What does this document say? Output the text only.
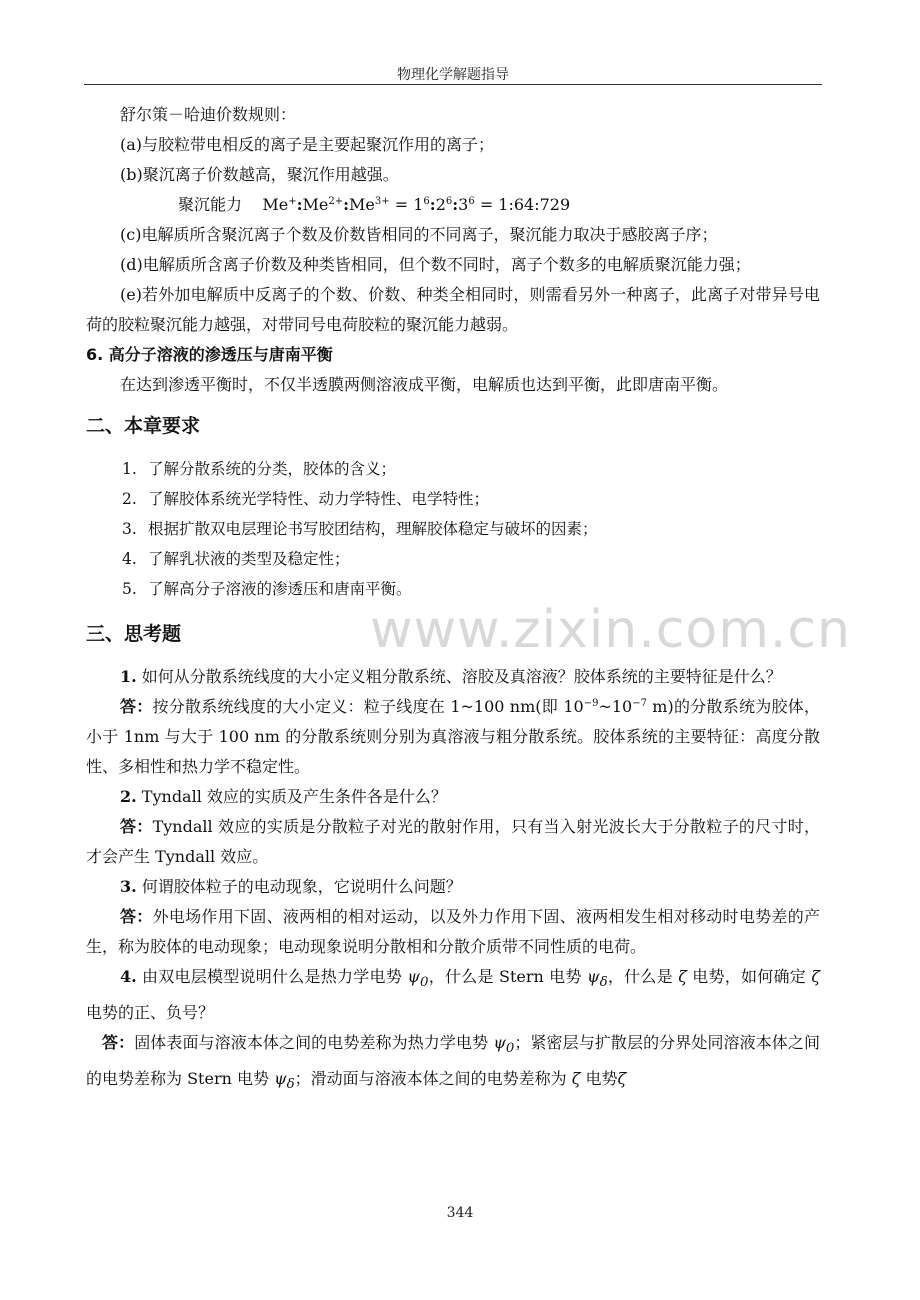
物理化学解题指导
www.zixin.com.cn

舒尔策－哈迪价数规则：

(a)与胶粒带电相反的离子是主要起聚沉作用的离子；

(b)聚沉离子价数越高，聚沉作用越强。

聚沉能力 $Me^+:Me^{2+}:Me^{3+}$ = $1^6:2^6:3^6$ = 1:64:729

(c)电解质所含聚沉离子个数及价数皆相同的不同离子，聚沉能力取决于感胶离子序；

(d)电解质所含离子价数及种类皆相同，但个数不同时，离子个数多的电解质聚沉能力强；

(e)若外加电解质中反离子的个数、价数、种类全相同时，则需看另外一种离子，此离子对带异号电荷的胶粒聚沉能力越强，对带同号电荷胶粒的聚沉能力越弱。

6. 高分子溶液的渗透压与唐南平衡

在达到渗透平衡时，不仅半透膜两侧溶液成平衡，电解质也达到平衡，此即唐南平衡。

二、本章要求
1. 了解分散系统的分类，胶体的含义；
2. 了解胶体系统光学特性、动力学特性、电学特性；
3. 根据扩散双电层理论书写胶团结构，理解胶体稳定与破坏的因素；
4. 了解乳状液的类型及稳定性；
5. 了解高分子溶液的渗透压和唐南平衡。
三、思考题

1. 如何从分散系统线度的大小定义粗分散系统、溶胶及真溶液？胶体系统的主要特征是什么？

答：按分散系统线度的大小定义：粒子线度在 1~100 nm(即 $10^{-9}\sim 10^{-7}$ m)的分散系统为胶体，小于 1nm 与大于 100 nm 的分散系统则分别为真溶液与粗分散系统。胶体系统的主要特征：高度分散性、多相性和热力学不稳定性。

2. Tyndall 效应的实质及产生条件各是什么？

答：Tyndall 效应的实质是分散粒子对光的散射作用，只有当入射光波长大于分散粒子的尺寸时，才会产生 Tyndall 效应。

3. 何谓胶体粒子的电动现象，它说明什么问题？

答：外电场作用下固、液两相的相对运动，以及外力作用下固、液两相发生相对移动时电势差的产生，称为胶体的电动现象；电动现象说明分散相和分散介质带不同性质的电荷。

4. 由双电层模型说明什么是热力学电势 $\psi_0$，什么是 Stern 电势 $\psi_\delta$，什么是 ζ 电势，如何确定 ζ 电势的正、负号？

答：固体表面与溶液本体之间的电势差称为热力学电势 $\psi_0$；紧密层与扩散层的分界处同溶液本体之间的电势差称为 Stern 电势 $\psi_\delta$；滑动面与溶液本体之间的电势差称为 ζ 电势ζ

344
